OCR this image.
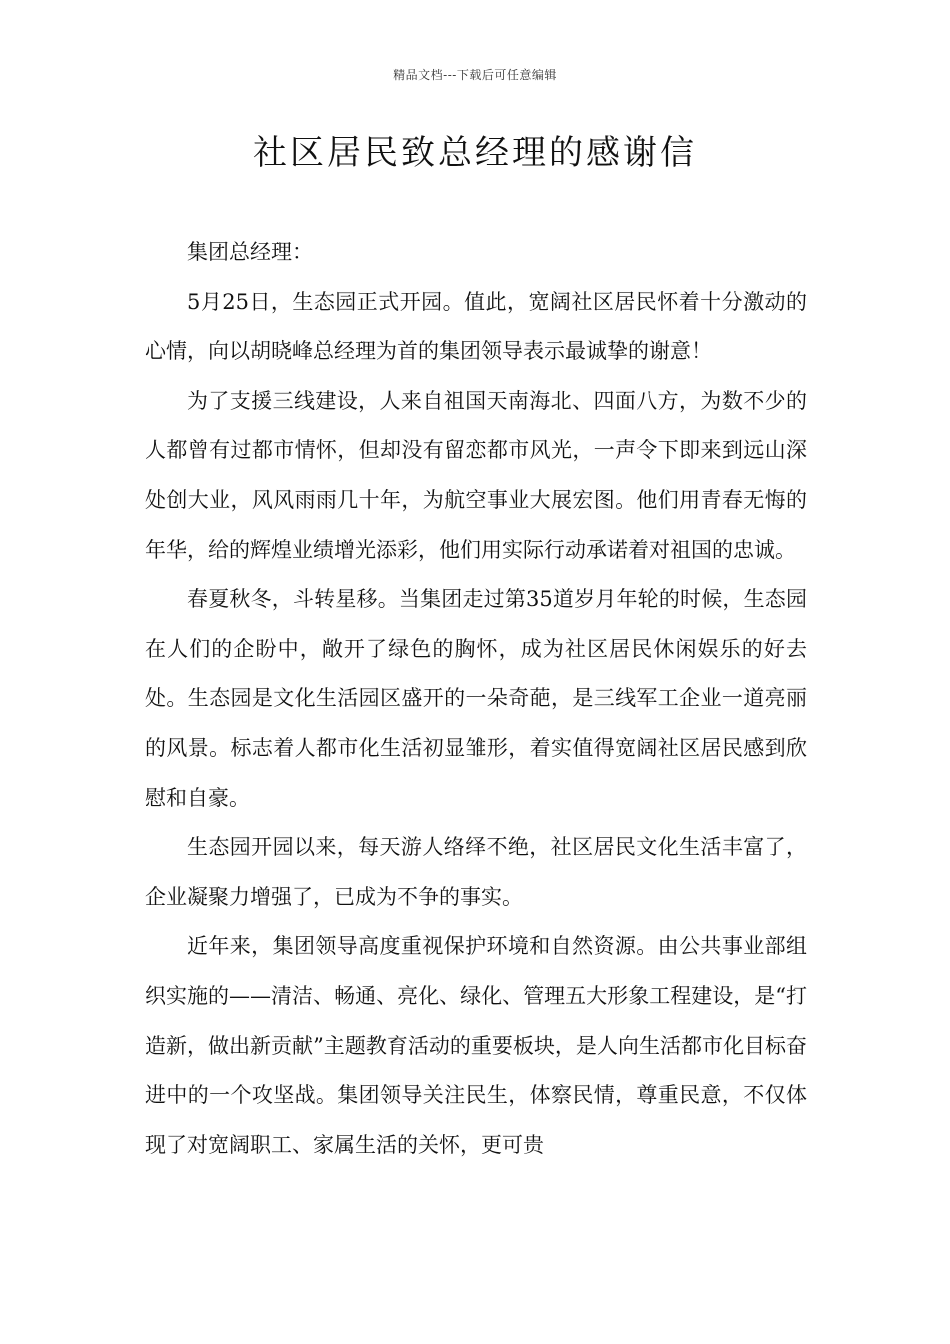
精品文档---下载后可任意编辑
社区居民致总经理的感谢信

集团总经理：

5月25日，生态园正式开园。值此，宽阔社区居民怀着十分激动的心情，向以胡晓峰总经理为首的集团领导表示最诚挚的谢意！

为了支援三线建设，人来自祖国天南海北、四面八方，为数不少的人都曾有过都市情怀，但却没有留恋都市风光，一声令下即来到远山深处创大业，风风雨雨几十年，为航空事业大展宏图。他们用青春无悔的年华，给的辉煌业绩增光添彩，他们用实际行动承诺着对祖国的忠诚。

春夏秋冬，斗转星移。当集团走过第35道岁月年轮的时候，生态园在人们的企盼中，敞开了绿色的胸怀，成为社区居民休闲娱乐的好去处。生态园是文化生活园区盛开的一朵奇葩，是三线军工企业一道亮丽的风景。标志着人都市化生活初显雏形，着实值得宽阔社区居民感到欣慰和自豪。

生态园开园以来，每天游人络绎不绝，社区居民文化生活丰富了，企业凝聚力增强了，已成为不争的事实。

近年来，集团领导高度重视保护环境和自然资源。由公共事业部组织实施的——清洁、畅通、亮化、绿化、管理五大形象工程建设，是“打造新，做出新贡献”主题教育活动的重要板块，是人向生活都市化目标奋进中的一个攻坚战。集团领导关注民生，体察民情，尊重民意，不仅体现了对宽阔职工、家属生活的关怀，更可贵
